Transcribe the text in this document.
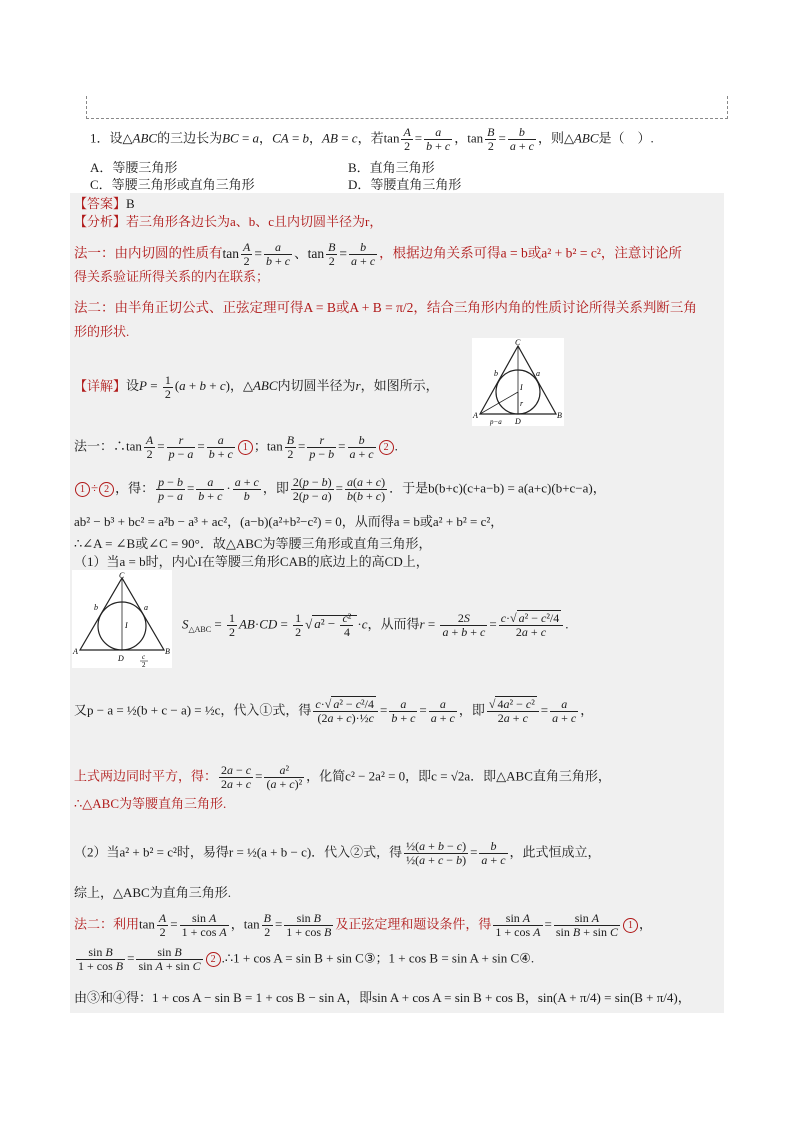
1．设△ABC的三边长为BC = a，CA = b，AB = c，若$\tan \frac{A}{2} = \frac{a}{b + c}$ ，$\tan \frac{B}{2} = \frac{b}{a + c}$ ，则△ABC是（　）.
A．等腰三角形	B．直角三角形
C．等腰三角形或直角三角形	D．等腰直角三角形
【答案】B
【分析】若三角形各边长为a、b、c且内切圆半径为r，
法一：由内切圆的性质有$\tan \frac{A}{2} = \frac{a}{b + c}$ 、$\tan \frac{B}{2} = \frac{b}{a + c}$ ，根据边角关系可得a = b或a² + b² = c²，注意讨论所
得关系验证所得关系的内在联系；
法二：由半角正切公式、正弦定理可得A = B或A + B = π/2，结合三角形内角的性质讨论所得关系判断三角
形的形状.
C
A	B
D
I
a
b
r
p−a
【详解】设$P = \frac{1}{2} (a + b + c)$，△ABC内切圆半径为r，如图所示，
法一：∴tan $\frac{A}{2} = \frac{r}{p - a} = \frac{a}{b + c} 1$ ；$\tan \frac{B}{2} = \frac{r}{p - b} = \frac{b}{a + c} 2$ .
1 ÷ 2 ，得： $\frac{p - b}{p - a} = \frac{a}{b + c} \cdot \frac{a + c}{b}$ ，即 $\frac{2(p - b)}{2(p - a)} = \frac{a(a + c)}{b(b + c)}$ ．于是b(b+c)(c+a−b) = a(a+c)(b+c−a)，
ab² − b³ + bc² = a²b − a³ + ac²，(a−b)(a²+b²−c²) = 0，从而得a = b或a² + b² = c²，
∴∠A = ∠B或∠C = 90°．故△ABC为等腰三角形或直角三角形，
（1）当a = b时，内心I在等腰三角形CAB的底边上的高CD上，
C
A	B
D
I
a
b
c
2
$S_{\triangle ABC} = \frac{1}{2} AB\cdot CD = \frac{1}{2}$ √ $a^2 - \frac{\text{c²}}{4} \cdot c$，从而得$r = \frac{2S}{a + b + c} = \frac{\text{c·√ a² − c²/4}}{2a + c}$ .
又p − a = ½(b + c − a) = ½c，代入①式，得 $\frac{\text{c·√ a² − c²/4}}{\text{(2a + c)·½c}} = \frac{a}{b + c} = \frac{a}{a + c}$ ，即 $\frac{\text{√ 4a² − c²}}{2a + c} = \frac{a}{a + c}$ ，
上式两边同时平方，得： $\frac{2a - c}{2a + c} = \frac{\text{a²}}{\text{(a + c)²}}$ ，化简c² − 2a² = 0，即c = √2a．即△ABC直角三角形，
∴△ABC为等腰直角三角形.
（2）当a² + b² = c²时，易得r = ½(a + b − c)．代入②式，得 $\frac{\text{½(a + b − c)}}{\text{½(a + c − b)}} = \frac{b}{a + c}$ ，此式恒成立，
综上，△ABC为直角三角形.
法二：利用$\tan \frac{A}{2} = \frac{\text{sin A}}{\text{1 + cos A}}$ ，$\tan \frac{B}{2} = \frac{\text{sin B}}{\text{1 + cos B}}$ 及正弦定理和题设条件，得 $\frac{\text{sin A}}{\text{1 + cos A}} = \frac{\text{sin A}}{\text{sin B + sin C}} 1$ ，
$\frac{\text{sin B}}{\text{1 + cos B}} = \frac{\text{sin B}}{\text{sin A + sin C}} 2$ .∴1 + cos A = sin B + sin C③；1 + cos B = sin A + sin C④.
由③和④得：1 + cos A − sin B = 1 + cos B − sin A，即sin A + cos A = sin B + cos B，sin(A + π/4) = sin(B + π/4)，
